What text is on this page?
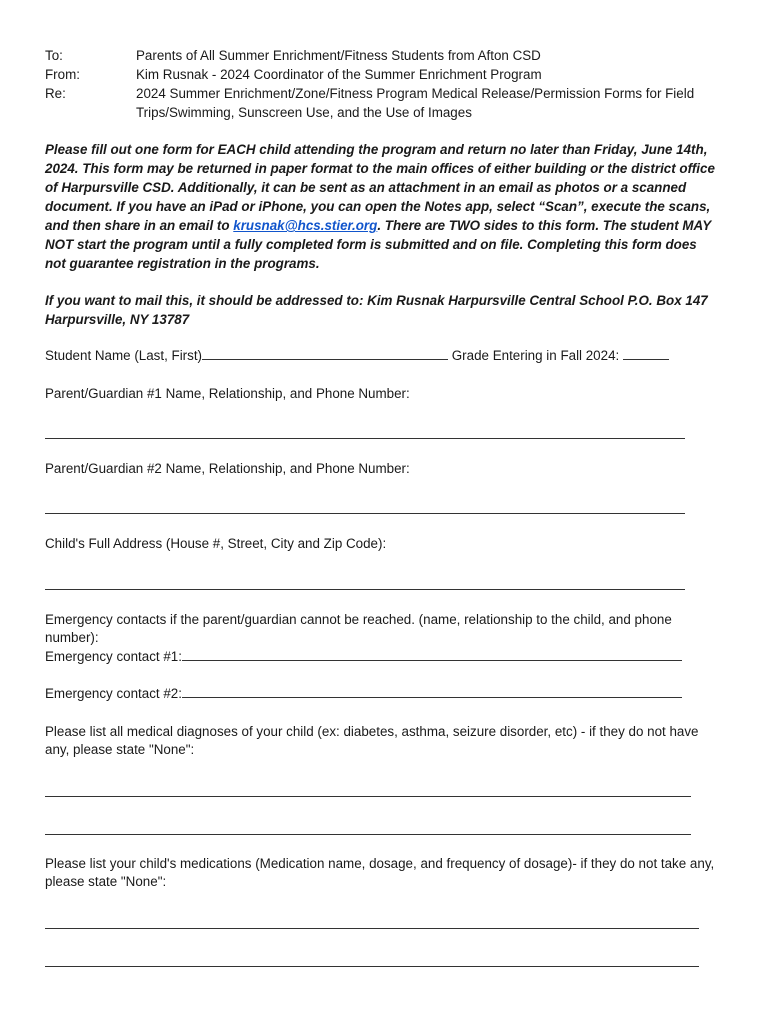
To:	Parents of All Summer Enrichment/Fitness Students from Afton CSD
From:	Kim Rusnak - 2024 Coordinator of the Summer Enrichment Program
Re:	2024 Summer Enrichment/Zone/Fitness Program Medical Release/Permission Forms for Field Trips/Swimming, Sunscreen Use, and the Use of Images
Please fill out one form for EACH child attending the program and return no later than Friday, June 14th, 2024. This form may be returned in paper format to the main offices of either building or the district office of Harpursville CSD. Additionally, it can be sent as an attachment in an email as photos or a scanned document. If you have an iPad or iPhone, you can open the Notes app, select “Scan”, execute the scans, and then share in an email to krusnak@hcs.stier.org. There are TWO sides to this form. The student MAY NOT start the program until a fully completed form is submitted and on file. Completing this form does not guarantee registration in the programs.
If you want to mail this, it should be addressed to: Kim Rusnak Harpursville Central School P.O. Box 147 Harpursville, NY 13787
Student Name (Last, First)	Grade Entering in Fall 2024:
Parent/Guardian #1 Name, Relationship, and Phone Number:
Parent/Guardian #2 Name, Relationship, and Phone Number:
Child's Full Address (House #, Street, City and Zip Code):
Emergency contacts if the parent/guardian cannot be reached. (name, relationship to the child, and phone number):
Emergency contact #1:
Emergency contact #2:
Please list all medical diagnoses of your child (ex: diabetes, asthma, seizure disorder, etc) - if they do not have any, please state "None":
Please list your child's medications (Medication name, dosage, and frequency of dosage)- if they do not take any, please state "None":
